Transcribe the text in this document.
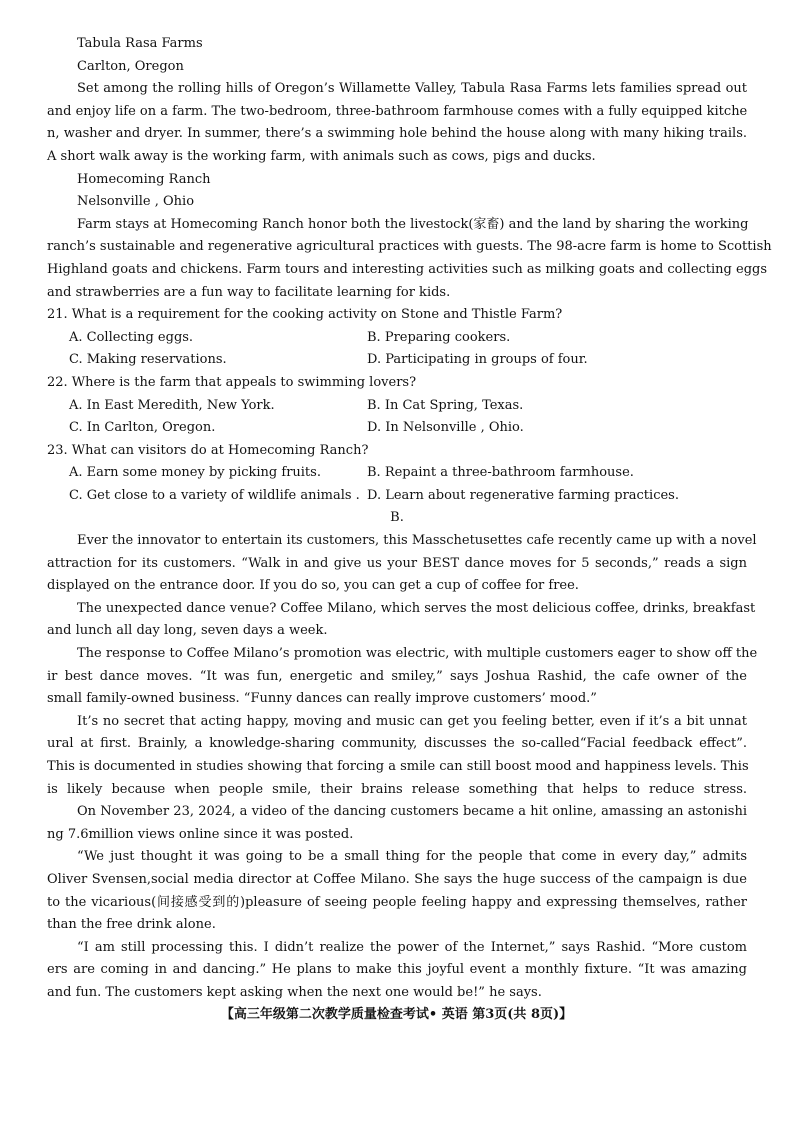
Tabula Rasa Farms
Carlton, Oregon
Set among the rolling hills of Oregon’s Willamette Valley, Tabula Rasa Farms lets families spread out
and enjoy life on a farm. The two-bedroom, three-bathroom farmhouse comes with a fully equipped kitche
n, washer and dryer. In summer, there’s a swimming hole behind the house along with many hiking trails.
A short walk away is the working farm, with animals such as cows, pigs and ducks.
Homecoming Ranch
Nelsonville , Ohio
Farm stays at Homecoming Ranch honor both the livestock(家畜) and the land by sharing the working
ranch’s sustainable and regenerative agricultural practices with guests. The 98-acre farm is home to Scottish
Highland goats and chickens. Farm tours and interesting activities such as milking goats and collecting eggs
and strawberries are a fun way to facilitate learning for kids.
21. What is a requirement for the cooking activity on Stone and Thistle Farm?
A. Collecting eggs.	B. Preparing cookers.
C. Making reservations.	D. Participating in groups of four.
22. Where is the farm that appeals to swimming lovers?
A. In East Meredith, New York.	B. In Cat Spring, Texas.
C. In Carlton, Oregon.	D. In Nelsonville , Ohio.
23. What can visitors do at Homecoming Ranch?
A. Earn some money by picking fruits.	B. Repaint a three-bathroom farmhouse.
C. Get close to a variety of wildlife animals . D. Learn about regenerative farming practices.
B.
Ever the innovator to entertain its customers, this Masschetusettes cafe recently came up with a novel
attraction for its customers. “Walk in and give us your BEST dance moves for 5 seconds,” reads a sign
displayed on the entrance door. If you do so, you can get a cup of coffee for free.
The unexpected dance venue? Coffee Milano, which serves the most delicious coffee, drinks, breakfast
and lunch all day long, seven days a week.
The response to Coffee Milano’s promotion was electric, with multiple customers eager to show off the
ir best dance moves. “It was fun, energetic and smiley,” says Joshua Rashid, the cafe owner of the
small family-owned business. “Funny dances can really improve customers’ mood.”
It’s no secret that acting happy, moving and music can get you feeling better, even if it’s a bit unnat
ural at first. Brainly, a knowledge-sharing community, discusses the so-called“Facial feedback effect”.
This is documented in studies showing that forcing a smile can still boost mood and happiness levels. This
is likely because when people smile, their brains release something that helps to reduce stress.
On November 23, 2024, a video of the dancing customers became a hit online, amassing an astonishi
ng 7.6million views online since it was posted.
“We just thought it was going to be a small thing for the people that come in every day,” admits
Oliver Svensen,social media director at Coffee Milano. She says the huge success of the campaign is due
to the vicarious(间接感受到的)pleasure of seeing people feeling happy and expressing themselves, rather
than the free drink alone.
“I am still processing this. I didn’t realize the power of the Internet,” says Rashid. “More custom
ers are coming in and dancing.” He plans to make this joyful event a monthly fixture. “It was amazing
and fun. The customers kept asking when the next one would be!” he says.
【高三年级第二次教学质量检查考试• 英语 第3页(共 8页)】
